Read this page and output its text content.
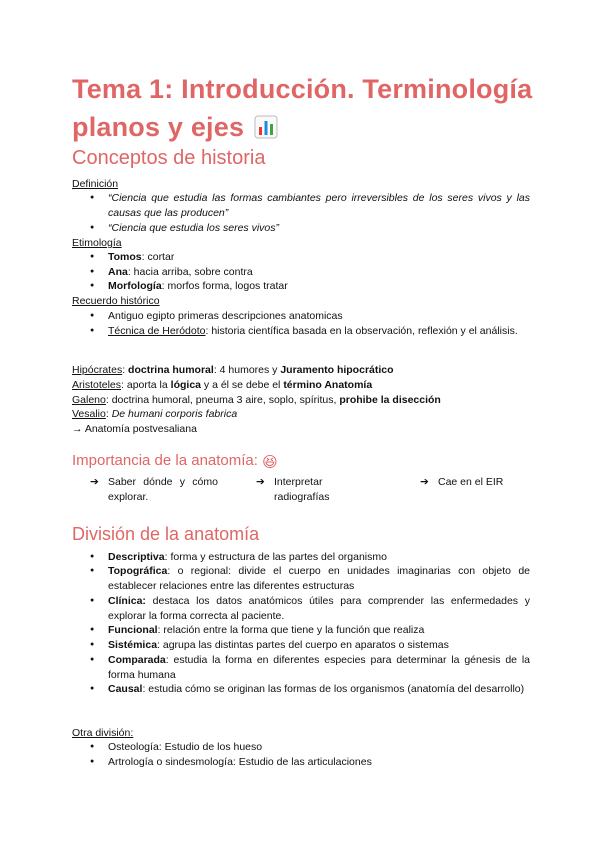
Tema 1: Introducción. Terminología planos y ejes
Conceptos de historia
Definición
● “Ciencia que estudia las formas cambiantes pero irreversibles de los seres vivos y las causas que las producen”
● “Ciencia que estudia los seres vivos”
Etimología
● Tomos: cortar
● Ana: hacia arriba, sobre contra
● Morfología: morfos forma, logos tratar
Recuerdo histórico
● Antiguo egipto primeras descripciones anatomicas
● Técnica de Heródoto: historia científica basada en la observación, reflexión y el análisis.
Hipócrates: doctrina humoral: 4 humores y Juramento hipocrático
Aristoteles: aporta la lógica y a él se debe el término Anatomía
Galeno: doctrina humoral, pneuma 3 aire, soplo, spíritus, prohibe la disección
Vesalio: De humani corporis fabrica
→ Anatomía postvesaliana
Importancia de la anatomía: 😆
➔ Saber dónde y cómo explorar.
➔ Interpretar radiografías
➔ Cae en el EIR
División de la anatomía
● Descriptiva: forma y estructura de las partes del organismo
● Topográfica: o regional: divide el cuerpo en unidades imaginarias con objeto de establecer relaciones entre las diferentes estructuras
● Clínica: destaca los datos anatómicos útiles para comprender las enfermedades y explorar la forma correcta al paciente.
● Funcional: relación entre la forma que tiene y la función que realiza
● Sistémica: agrupa las distintas partes del cuerpo en aparatos o sistemas
● Comparada: estudia la forma en diferentes especies para determinar la génesis de la forma humana
● Causal: estudia cómo se originan las formas de los organismos (anatomía del desarrollo)
Otra división:
● Osteología: Estudio de los hueso
● Artrología o sindesmología: Estudio de las articulaciones
